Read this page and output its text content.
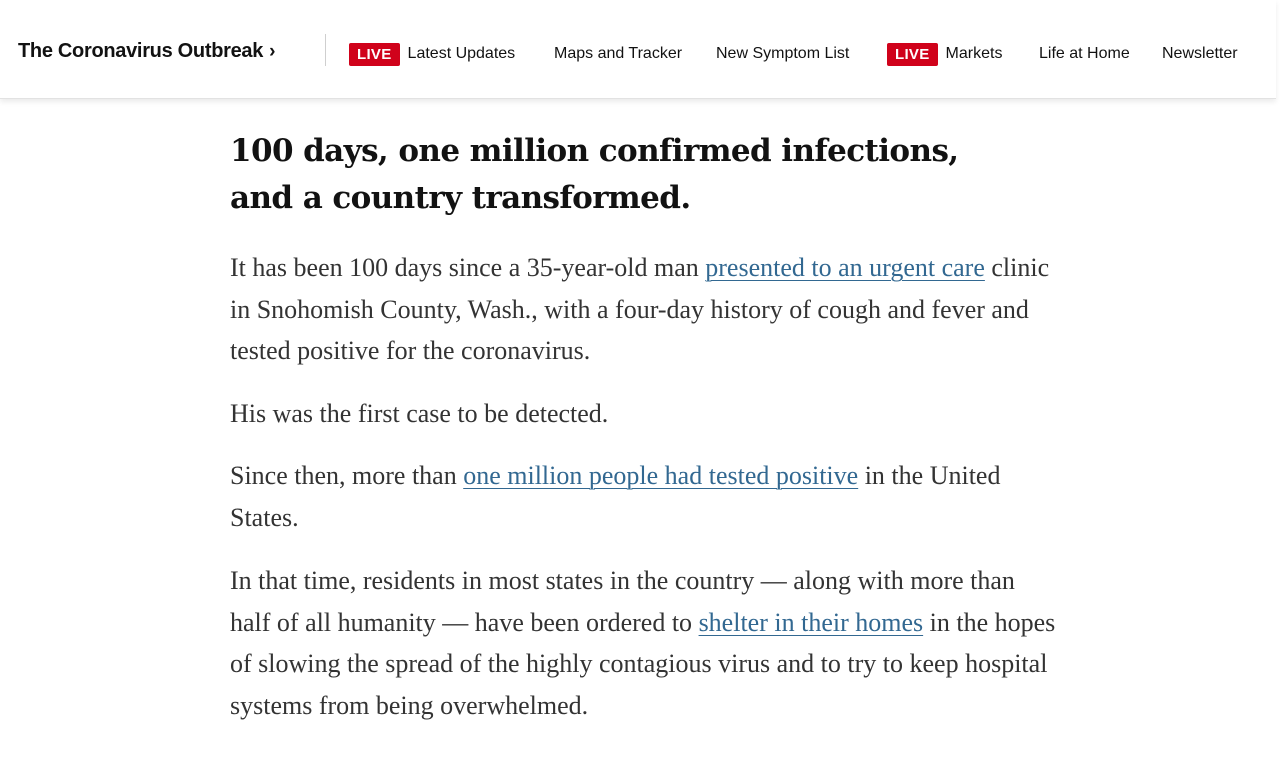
The Coronavirus Outbreak ›	LIVE	Latest Updates Maps and Tracker New Symptom List	LIVE	Markets Life at Home Newsletter
100 days, one million confirmed infections, and a country transformed.

It has been 100 days since a 35-year-old man presented to an urgent care clinic in Snohomish County, Wash., with a four-day history of cough and fever and tested positive for the coronavirus.

His was the first case to be detected.

Since then, more than one million people had tested positive in the United States.

In that time, residents in most states in the country — along with more than half of all humanity — have been ordered to shelter in their homes in the hopes of slowing the spread of the highly contagious virus and to try to keep hospital systems from being overwhelmed.
